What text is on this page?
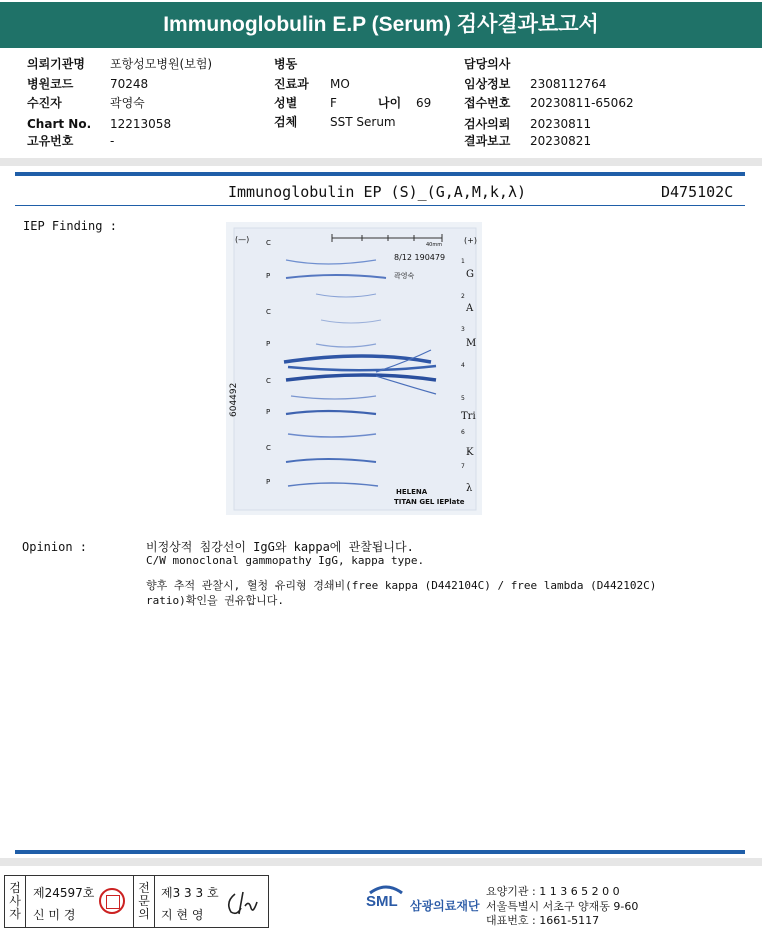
Immunoglobulin E.P (Serum) 검사결과보고서
의뢰기관명 포항성모병원(보험)
병원코드	70248
수진자	곽영숙
Chart No. 12213058
고유번호	-
병동
진료과 MO
성별	F	나이 69
검체	SST Serum
담당의사
임상정보 2308112764
접수번호 20230811-65062
검사의뢰 20230811
결과보고 20230821
Immunoglobulin EP (S)_(G,A,M,k,λ)	D475102C
IEP Finding :
(—)	(+)
40mm
8/12 190479
곽영숙
604492
C
P
C
P
C
P
C
P
1
2
3
4
5
6
7
G
A
M
Tri
K
λ
HELENA
TITAN GEL IEPlate
Opinion :	비정상적 침강선이 IgG와 kappa에 관찰됩니다.
C/W monoclonal gammopathy IgG, kappa type.
향후 추적 관찰시, 혈청 유리형 경쇄비(free kappa (D442104C) / free lambda (D442102C)
ratio)확인을 권유합니다.
검
사
자
제24597호
신 미 경
전
문
의
제3 3 3 호
지 현 영
SML 삼광의료재단
요양기관 : 1 1 3 6 5 2 0 0
서울특별시 서초구 양재동 9-60
대표번호 : 1661-5117
